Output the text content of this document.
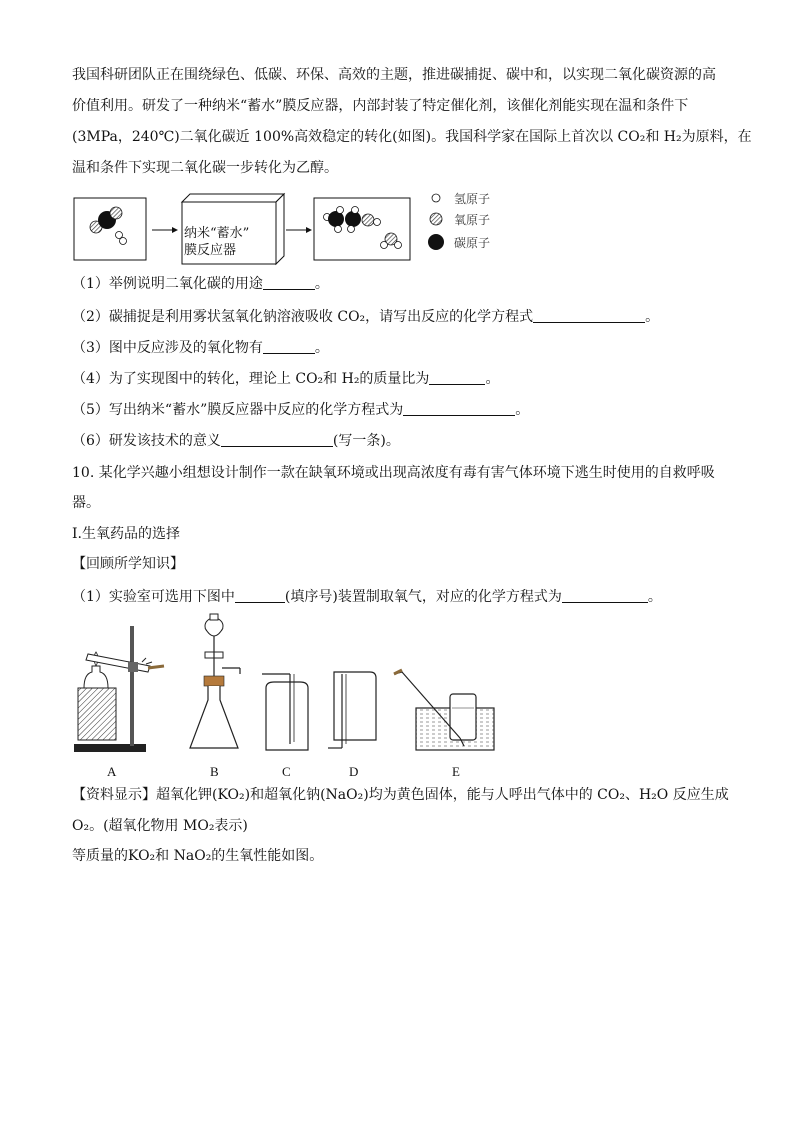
我国科研团队正在围绕绿色、低碳、环保、高效的主题，推进碳捕捉、碳中和，以实现二氧化碳资源的高
价值利用。研发了一种纳米“蓄水”膜反应器，内部封装了特定催化剂，该催化剂能实现在温和条件下
(3MPa，240℃)二氧化碳近 100%高效稳定的转化(如图)。我国科学家在国际上首次以 CO₂和 H₂为原料，在
温和条件下实现二氧化碳一步转化为乙醇。
纳米“蓄水”
膜反应器
氢原子
氧原子
碳原子
（1）举例说明二氧化碳的用途	。
（2）碳捕捉是利用雾状氢氧化钠溶液吸收 CO₂，请写出反应的化学方程式	。
（3）图中反应涉及的氧化物有	。
（4）为了实现图中的转化，理论上 CO₂和 H₂的质量比为	。
（5）写出纳米“蓄水”膜反应器中反应的化学方程式为	。
（6）研发该技术的意义	(写一条)。
10. 某化学兴趣小组想设计制作一款在缺氧环境或出现高浓度有毒有害气体环境下逃生时使用的自救呼吸
器。
I.生氧药品的选择
【回顾所学知识】
（1）实验室可选用下图中	(填序号)装置制取氧气，对应的化学方程式为	。
A	B	C	D	E
【资料显示】超氧化钾(KO₂)和超氧化钠(NaO₂)均为黄色固体，能与人呼出气体中的 CO₂、H₂O 反应生成
O₂。(超氧化物用 MO₂表示)
等质量的KO₂和 NaO₂的生氧性能如图。
